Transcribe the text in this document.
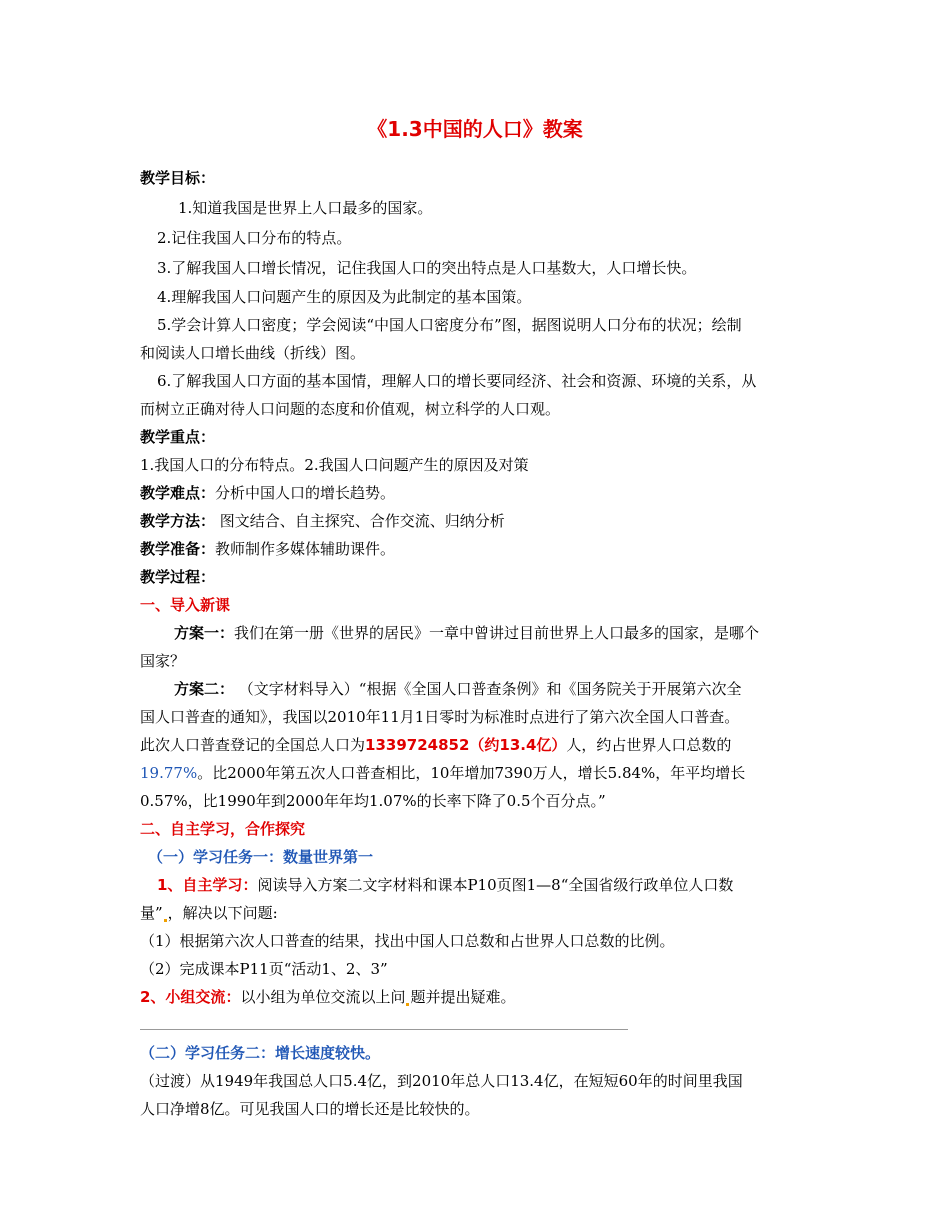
《1.3中国的人口》教案
教学目标：
1.知道我国是世界上人口最多的国家。
2.记住我国人口分布的特点。
3.了解我国人口增长情况，记住我国人口的突出特点是人口基数大，人口增长快。
4.理解我国人口问题产生的原因及为此制定的基本国策。
5.学会计算人口密度；学会阅读“中国人口密度分布”图，据图说明人口分布的状况；绘制
和阅读人口增长曲线（折线）图。
6.了解我国人口方面的基本国情，理解人口的增长要同经济、社会和资源、环境的关系，从
而树立正确对待人口问题的态度和价值观，树立科学的人口观。
教学重点：
1.我国人口的分布特点。2.我国人口问题产生的原因及对策
教学难点：分析中国人口的增长趋势。
教学方法： 图文结合、自主探究、合作交流、归纳分析
教学准备：教师制作多媒体辅助课件。
教学过程：
一、导入新课
方案一：我们在第一册《世界的居民》一章中曾讲过目前世界上人口最多的国家，是哪个
国家？
方案二： （文字材料导入）“根据《全国人口普查条例》和《国务院关于开展第六次全
国人口普查的通知》，我国以2010年11月1日零时为标准时点进行了第六次全国人口普查。
此次人口普查登记的全国总人口为1339724852（约13.4亿）人，约占世界人口总数的
19.77%。比2000年第五次人口普查相比，10年增加7390万人，增长5.84%，年平均增长
0.57%，比1990年到2000年年均1.07%的长率下降了0.5个百分点。”
二、自主学习，合作探究
（一）学习任务一：数量世界第一
1、自主学习：阅读导入方案二文字材料和课本P10页图1—8“全国省级行政单位人口数
量” ，解决以下问题:
（1）根据第六次人口普查的结果，找出中国人口总数和占世界人口总数的比例。
（2）完成课本P11页“活动1、2、3”
2、小组交流：以小组为单位交流以上问 题并提出疑难。
（二）学习任务二：增长速度较快。
（过渡）从1949年我国总人口5.4亿，到2010年总人口13.4亿，在短短60年的时间里我国
人口净增8亿。可见我国人口的增长还是比较快的。
